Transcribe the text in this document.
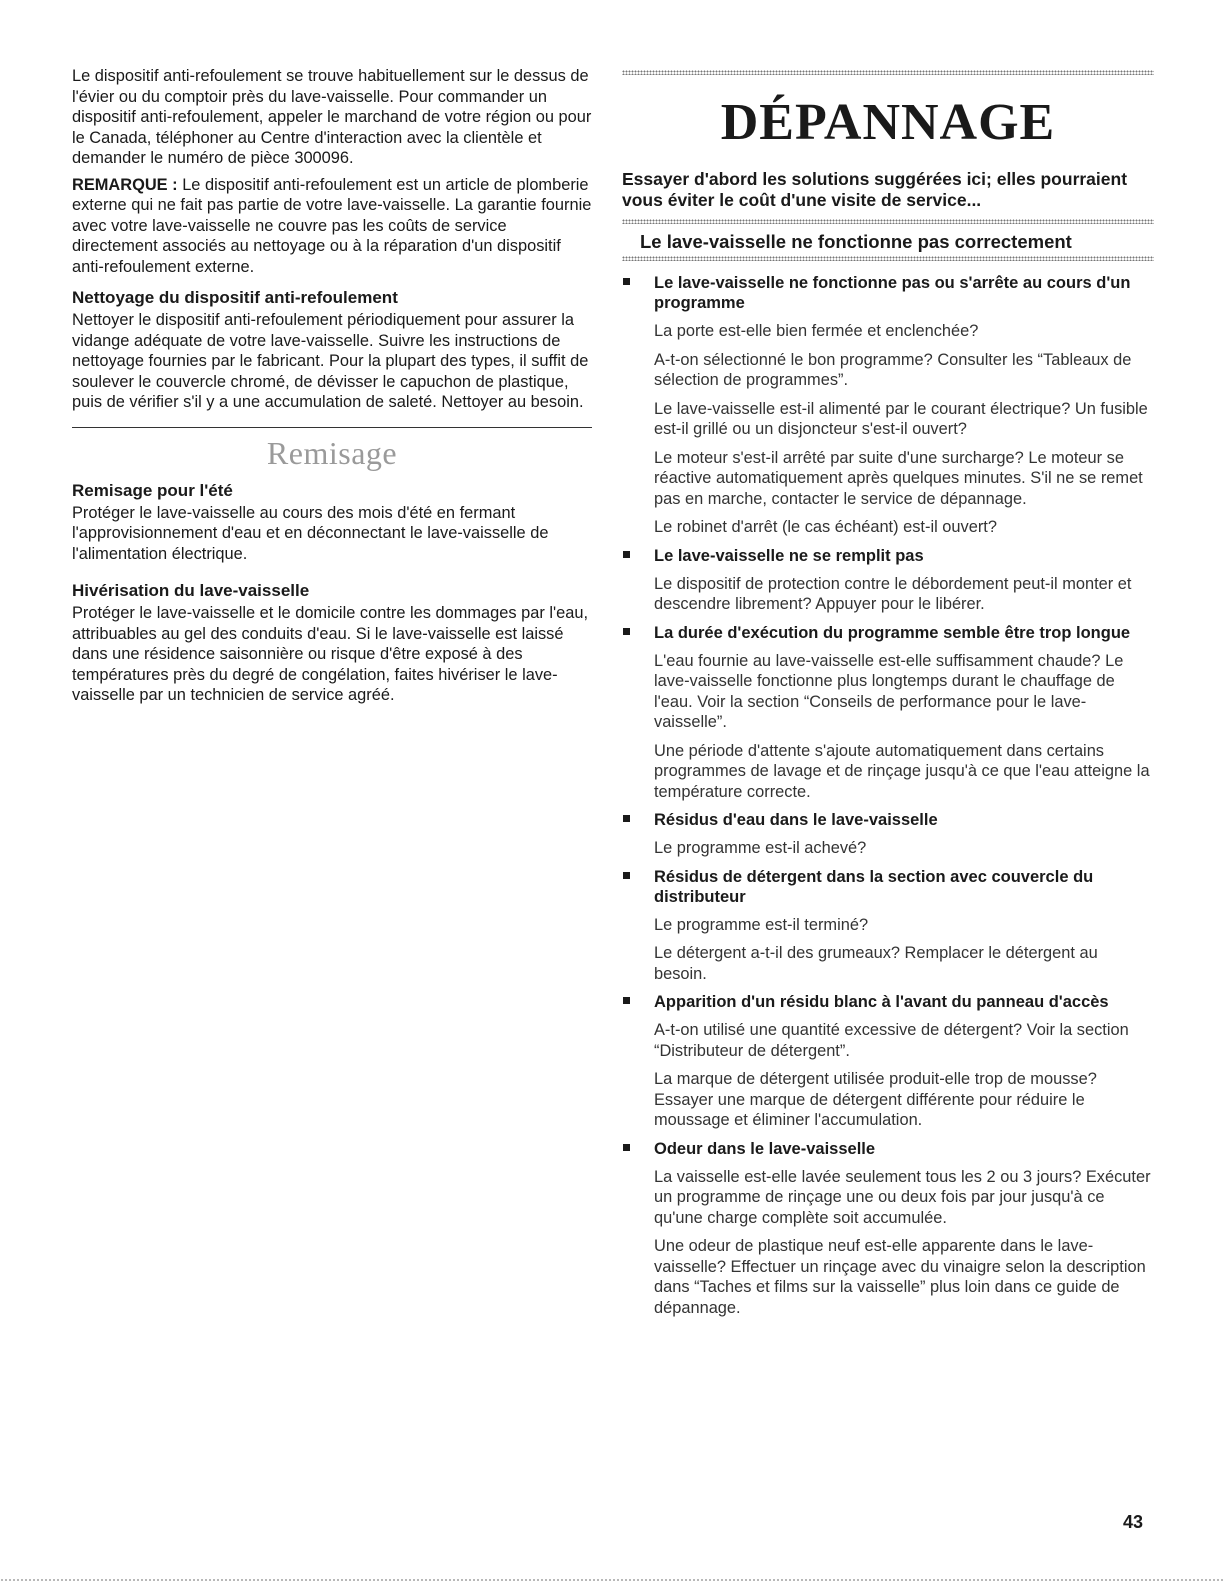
Le dispositif anti-refoulement se trouve habituellement sur le dessus de l'évier ou du comptoir près du lave-vaisselle. Pour commander un dispositif anti-refoulement, appeler le marchand de votre région ou pour le Canada, téléphoner au Centre d'interaction avec la clientèle et demander le numéro de pièce 300096.

REMARQUE : Le dispositif anti-refoulement est un article de plomberie externe qui ne fait pas partie de votre lave-vaisselle. La garantie fournie avec votre lave-vaisselle ne couvre pas les coûts de service directement associés au nettoyage ou à la réparation d'un dispositif anti-refoulement externe.

Nettoyage du dispositif anti-refoulement

Nettoyer le dispositif anti-refoulement périodiquement pour assurer la vidange adéquate de votre lave-vaisselle. Suivre les instructions de nettoyage fournies par le fabricant. Pour la plupart des types, il suffit de soulever le couvercle chromé, de dévisser le capuchon de plastique, puis de vérifier s'il y a une accumulation de saleté. Nettoyer au besoin.

Remisage
Remisage pour l'été

Protéger le lave-vaisselle au cours des mois d'été en fermant l'approvisionnement d'eau et en déconnectant le lave-vaisselle de l'alimentation électrique.

Hivérisation du lave-vaisselle

Protéger le lave-vaisselle et le domicile contre les dommages par l'eau, attribuables au gel des conduits d'eau. Si le lave-vaisselle est laissé dans une résidence saisonnière ou risque d'être exposé à des températures près du degré de congélation, faites hivériser le lave-vaisselle par un technicien de service agréé.

DÉPANNAGE
Essayer d'abord les solutions suggérées ici; elles pourraient vous éviter le coût d'une visite de service...
Le lave-vaisselle ne fonctionne pas correctement
Le lave-vaisselle ne fonctionne pas ou s'arrête au cours d'un programme

La porte est-elle bien fermée et enclenchée?

A-t-on sélectionné le bon programme? Consulter les “Tableaux de sélection de programmes”.

Le lave-vaisselle est-il alimenté par le courant électrique? Un fusible est-il grillé ou un disjoncteur s'est-il ouvert?

Le moteur s'est-il arrêté par suite d'une surcharge? Le moteur se réactive automatiquement après quelques minutes. S'il ne se remet pas en marche, contacter le service de dépannage.

Le robinet d'arrêt (le cas échéant) est-il ouvert?

Le lave-vaisselle ne se remplit pas

Le dispositif de protection contre le débordement peut-il monter et descendre librement? Appuyer pour le libérer.

La durée d'exécution du programme semble être trop longue

L'eau fournie au lave-vaisselle est-elle suffisamment chaude? Le lave-vaisselle fonctionne plus longtemps durant le chauffage de l'eau. Voir la section “Conseils de performance pour le lave-vaisselle”.

Une période d'attente s'ajoute automatiquement dans certains programmes de lavage et de rinçage jusqu'à ce que l'eau atteigne la température correcte.

Résidus d'eau dans le lave-vaisselle

Le programme est-il achevé?

Résidus de détergent dans la section avec couvercle du distributeur

Le programme est-il terminé?

Le détergent a-t-il des grumeaux? Remplacer le détergent au besoin.

Apparition d'un résidu blanc à l'avant du panneau d'accès

A-t-on utilisé une quantité excessive de détergent? Voir la section “Distributeur de détergent”.

La marque de détergent utilisée produit-elle trop de mousse? Essayer une marque de détergent différente pour réduire le moussage et éliminer l'accumulation.

Odeur dans le lave-vaisselle

La vaisselle est-elle lavée seulement tous les 2 ou 3 jours? Exécuter un programme de rinçage une ou deux fois par jour jusqu'à ce qu'une charge complète soit accumulée.

Une odeur de plastique neuf est-elle apparente dans le lave-vaisselle? Effectuer un rinçage avec du vinaigre selon la description dans “Taches et films sur la vaisselle” plus loin dans ce guide de dépannage.

43
